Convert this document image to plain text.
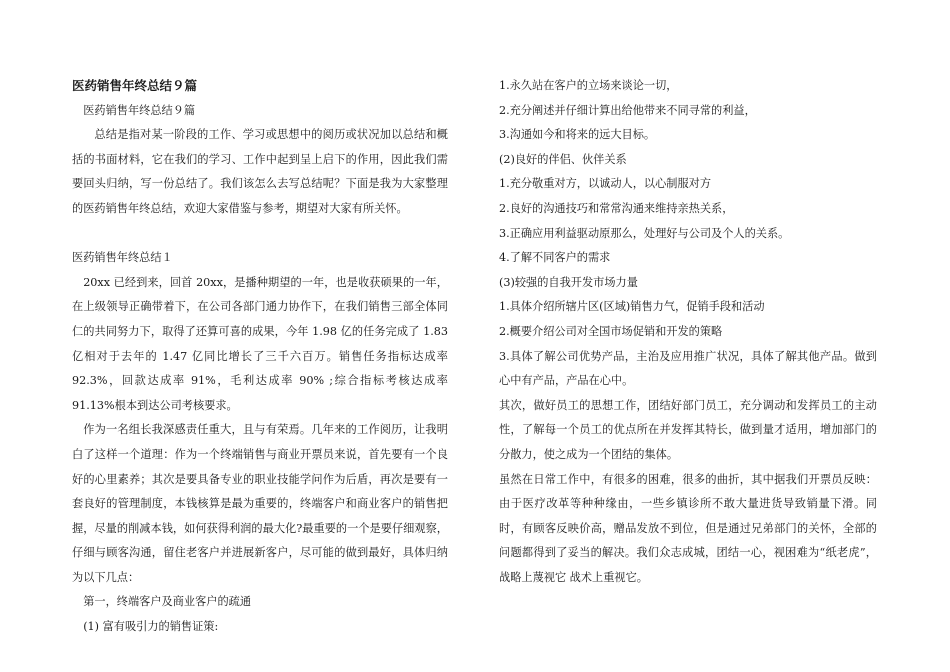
医药销售年终总结９篇

医药销售年终总结９篇

总结是指对某一阶段的工作、学习或思想中的阅历或状况加以总结和概括的书面材料，它在我们的学习、工作中起到呈上启下的作用，因此我们需要回头归纳，写一份总结了。我们该怎么去写总结呢？下面是我为大家整理的医药销售年终总结，欢迎大家借鉴与参考，期望对大家有所关怀。

医药销售年终总结１

20xx 已经到来，回首 20xx，是播种期望的一年，也是收获硕果的一年，在上级领导正确带着下，在公司各部门通力协作下，在我们销售三部全体同仁的共同努力下，取得了还算可喜的成果，今年 1.98 亿的任务完成了 1.83 亿相对于去年的 1.47 亿同比增长了三千六百万。销售任务指标达成率 92.3%，回款达成率 91%，毛利达成率 90% ;综合指标考核达成率 91.13%根本到达公司考核要求。

作为一名组长我深感责任重大，且与有荣焉。几年来的工作阅历，让我明白了这样一个道理：作为一个终端销售与商业开票员来说，首先要有一个良好的心里素养；其次是要具备专业的职业技能学问作为后盾，再次是要有一套良好的管理制度，本钱核算是最为重要的，终端客户和商业客户的销售把握，尽量的削减本钱，如何获得利润的最大化?最重要的一个是要仔细观察，仔细与顾客沟通，留住老客户并进展新客户，尽可能的做到最好，具体归纳为以下几点：

第一，终端客户及商业客户的疏通

(1) 富有吸引力的销售证策:

1.永久站在客户的立场来谈论一切，

2.充分阐述并仔细计算出给他带来不同寻常的利益，

3.沟通如今和将来的远大目标。

(2)良好的伴侣、伙伴关系

1.充分敬重对方，以诚动人，以心制服对方

2.良好的沟通技巧和常常沟通来维持亲热关系，

3.正确应用利益驱动原那么，处理好与公司及个人的关系。

4.了解不同客户的需求

(3)较强的自我开发市场力量

1.具体介绍所辖片区(区域)销售力气，促销手段和活动

2.概要介绍公司对全国市场促销和开发的策略

3.具体了解公司优势产品，主治及应用推广状况，具体了解其他产品。做到心中有产品，产品在心中。

其次，做好员工的思想工作，团结好部门员工，充分调动和发挥员工的主动性，了解每一个员工的优点所在并发挥其特长，做到量才适用，增加部门的分散力，使之成为一个团结的集体。

虽然在日常工作中，有很多的困难，很多的曲折，其中据我们开票员反映：由于医疗改革等种种缘由，一些乡镇诊所不敢大量进货导致销量下滑。同时，有顾客反映价高，赠品发放不到位，但是通过兄弟部门的关怀，全部的问题都得到了妥当的解决。我们众志成城，团结一心，视困难为“纸老虎”， 战略上蔑视它 战术上重视它。
